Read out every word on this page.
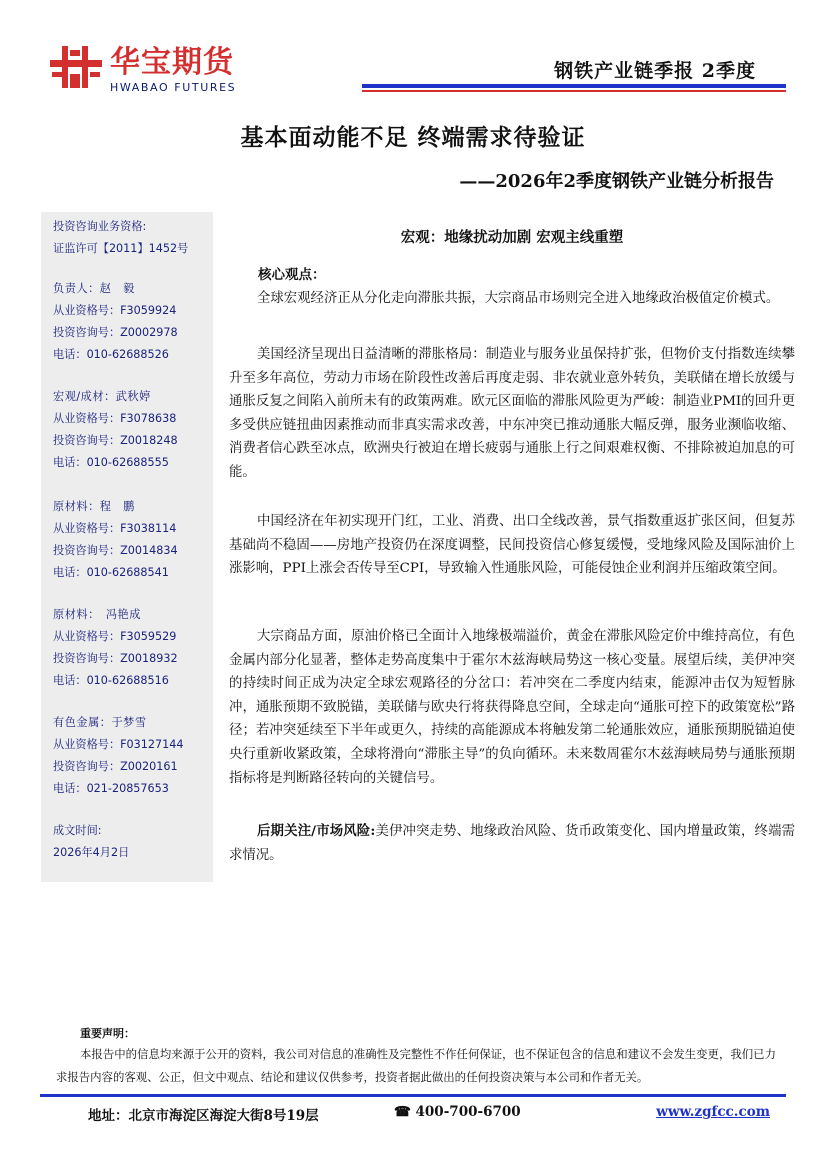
华宝期货
HWABAO FUTURES
钢铁产业链季报 2季度
基本面动能不足 终端需求待验证
——2026年2季度钢铁产业链分析报告
投资咨询业务资格:
证监许可【2011】1452号
负责人：赵　毅
从业资格号：F3059924
投资咨询号：Z0002978
电话：010-62688526
宏观/成材：武秋婷
从业资格号：F3078638
投资咨询号：Z0018248
电话：010-62688555
原材料：程　鹏
从业资格号：F3038114
投资咨询号：Z0014834
电话：010-62688541
原材料：　冯艳成
从业资格号：F3059529
投资咨询号：Z0018932
电话：010-62688516
有色金属：于梦雪
从业资格号：F03127144
投资咨询号：Z0020161
电话：021-20857653
成文时间:
2026年4月2日
宏观：地缘扰动加剧 宏观主线重塑
核心观点：
全球宏观经济正从分化走向滞胀共振，大宗商品市场则完全进入地缘政治极值定价模式。
美国经济呈现出日益清晰的滞胀格局：制造业与服务业虽保持扩张，但物价支付指数连续攀升至多年高位，劳动力市场在阶段性改善后再度走弱、非农就业意外转负，美联储在增长放缓与通胀反复之间陷入前所未有的政策两难。欧元区面临的滞胀风险更为严峻：制造业PMI的回升更多受供应链扭曲因素推动而非真实需求改善，中东冲突已推动通胀大幅反弹，服务业濒临收缩、消费者信心跌至冰点，欧洲央行被迫在增长疲弱与通胀上行之间艰难权衡、不排除被迫加息的可能。
中国经济在年初实现开门红，工业、消费、出口全线改善，景气指数重返扩张区间，但复苏基础尚不稳固——房地产投资仍在深度调整，民间投资信心修复缓慢，受地缘风险及国际油价上涨影响，PPI上涨会否传导至CPI，导致输入性通胀风险，可能侵蚀企业利润并压缩政策空间。
大宗商品方面，原油价格已全面计入地缘极端溢价，黄金在滞胀风险定价中维持高位，有色金属内部分化显著，整体走势高度集中于霍尔木兹海峡局势这一核心变量。展望后续，美伊冲突的持续时间正成为决定全球宏观路径的分岔口：若冲突在二季度内结束，能源冲击仅为短暂脉冲，通胀预期不致脱锚，美联储与欧央行将获得降息空间，全球走向“通胀可控下的政策宽松”路径；若冲突延续至下半年或更久，持续的高能源成本将触发第二轮通胀效应，通胀预期脱锚迫使央行重新收紧政策，全球将滑向“滞胀主导”的负向循环。未来数周霍尔木兹海峡局势与通胀预期指标将是判断路径转向的关键信号。
后期关注/市场风险:美伊冲突走势、地缘政治风险、货币政策变化、国内增量政策，终端需求情况。
重要声明：
本报告中的信息均来源于公开的资料，我公司对信息的准确性及完整性不作任何保证，也不保证包含的信息和建议不会发生变更，我们已力求报告内容的客观、公正，但文中观点、结论和建议仅供参考，投资者据此做出的任何投资决策与本公司和作者无关。
地址：北京市海淀区海淀大街8号19层	☎ 400-700-6700	www.zgfcc.com
